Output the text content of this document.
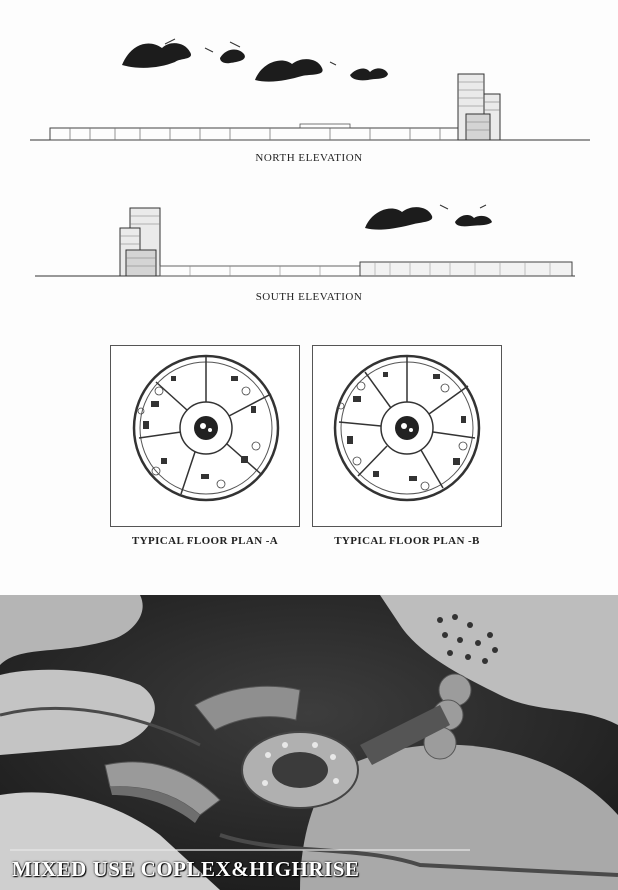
NORTH ELEVATION
SOUTH ELEVATION
TYPICAL FLOOR PLAN -A	TYPICAL FLOOR PLAN -B
MIXED USE COPLEX&HIGHRISE
